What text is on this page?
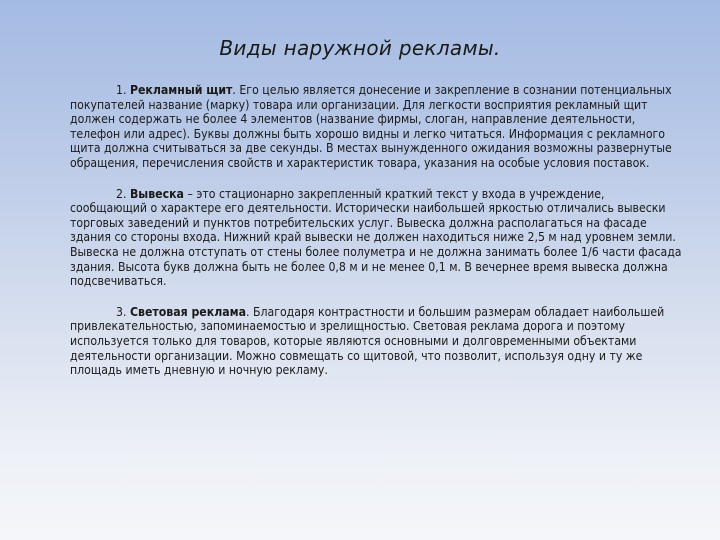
Виды наружной рекламы.

1. Рекламный щит. Его целью является донесение и закрепление в сознании потенциальных покупателей название (марку) товара или организации. Для легкости восприятия рекламный щит должен содержать не более 4 элементов (название фирмы, слоган, направление деятельности, телефон или адрес). Буквы должны быть хорошо видны и легко читаться. Информация с рекламного щита должна считываться за две секунды. В местах вынужденного ожидания возможны развернутые обращения, перечисления свойств и характеристик товара, указания на особые условия поставок.

2. Вывеска – это стационарно закрепленный краткий текст у входа в учреждение, сообщающий о характере его деятельности. Исторически наибольшей яркостью отличались вывески торговых заведений и пунктов потребительских услуг. Вывеска должна располагаться на фасаде здания со стороны входа. Нижний край вывески не должен находиться ниже 2,5 м над уровнем земли. Вывеска не должна отступать от стены более полуметра и не должна занимать более 1/6 части фасада здания. Высота букв должна быть не более 0,8 м и не менее 0,1 м. В вечернее время вывеска должна подсвечиваться.

3. Световая реклама. Благодаря контрастности и большим размерам обладает наибольшей привлекательностью, запоминаемостью и зрелищностью. Световая реклама дорога и поэтому используется только для товаров, которые являются основными и долговременными объектами деятельности организации. Можно совмещать со щитовой, что позволит, используя одну и ту же площадь иметь дневную и ночную рекламу.
